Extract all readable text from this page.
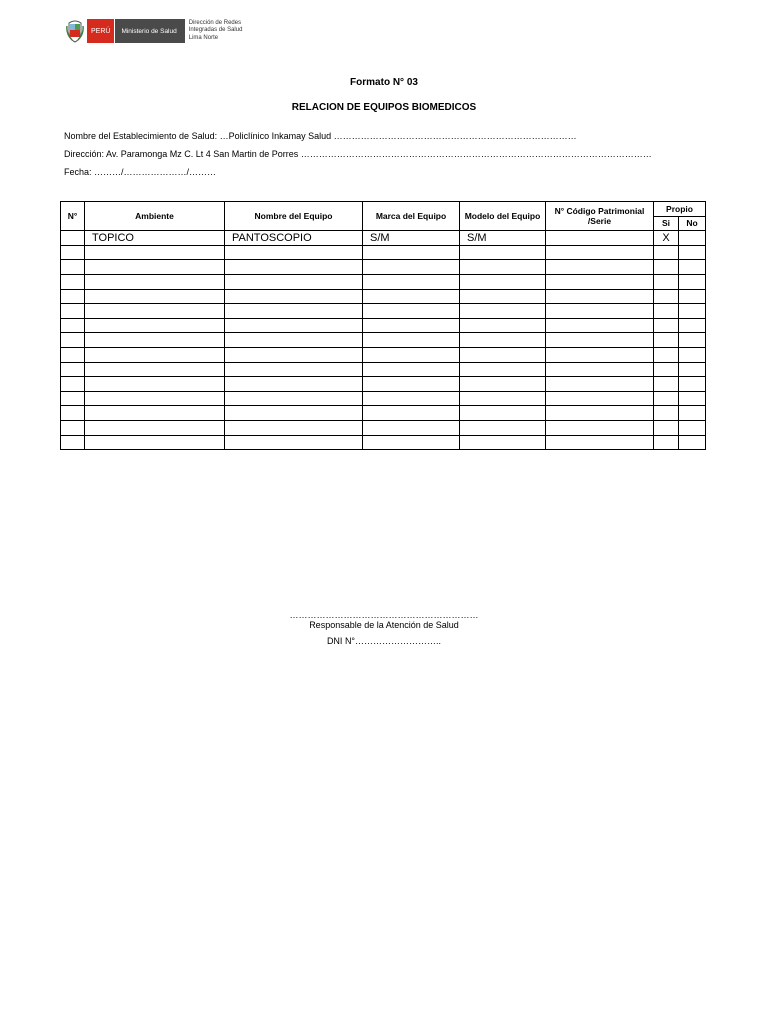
PERÚ	Ministerio de Salud
Dirección de Redes
Integradas de Salud
Lima Norte
Formato N° 03
RELACION DE EQUIPOS BIOMEDICOS
Nombre del Establecimiento de Salud: …Policlínico Inkamay Salud ………………………………………………………………………
Dirección: Av. Paramonga Mz C. Lt 4 San Martin de Porres ………………………………………………………………………………………………………
Fecha: ………/…………………/………
N°	Ambiente	Nombre del Equipo	Marca del Equipo	Modelo del Equipo	N° Código Patrimonial /Serie	Propio	
						Si	No
	TOPICO	PANTOSCOPIO	S/M	S/M		X	

………………………………………………………
Responsable de la Atención de Salud
DNI N°………………………..
